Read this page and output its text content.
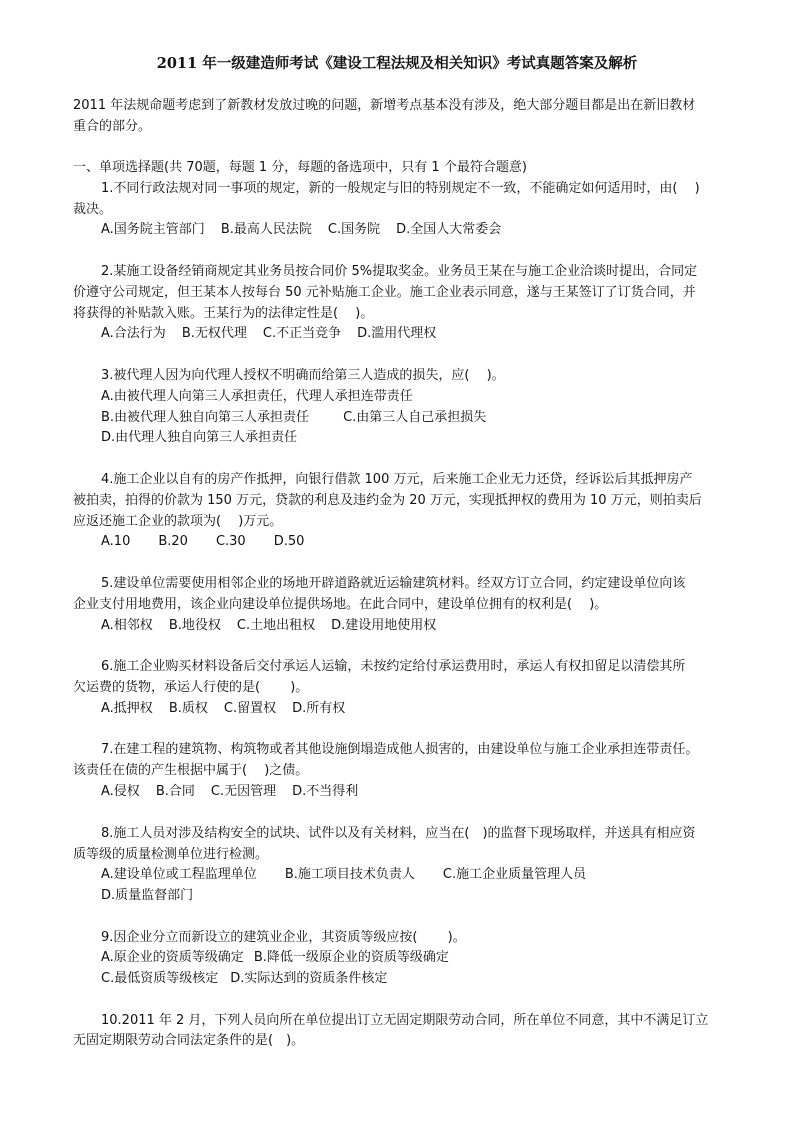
2011 年一级建造师考试《建设工程法规及相关知识》考试真题答案及解析
2011 年法规命题考虑到了新教材发放过晚的问题，新增考点基本没有涉及，绝大部分题目都是出在新旧教材
重合的部分。
一、单项选择题(共 70题，每题 1 分，每题的备选项中，只有 1 个最符合题意)
1.不同行政法规对同一事项的规定，新的一般规定与旧的特别规定不一致，不能确定如何适用时，由(　 )
裁决。
A.国务院主管部门 B.最高人民法院 C.国务院 D.全国人大常委会
2.某施工设备经销商规定其业务员按合同价 5%提取奖金。业务员王某在与施工企业洽谈时提出，合同定
价遵守公司规定，但王某本人按每台 50 元补贴施工企业。施工企业表示同意，遂与王某签订了订货合同，并
将获得的补贴款入账。王某行为的法律定性是(　 )。
A.合法行为 B.无权代理 C.不正当竞争 D.滥用代理权
3.被代理人因为向代理人授权不明确而给第三人造成的损失，应(　 )。
A.由被代理人向第三人承担责任，代理人承担连带责任
B.由被代理人独自向第三人承担责任	C.由第三人自己承担损失
D.由代理人独自向第三人承担责任
4.施工企业以自有的房产作抵押，向银行借款 100 万元，后来施工企业无力还贷，经诉讼后其抵押房产
被拍卖，拍得的价款为 150 万元，贷款的利息及违约金为 20 万元，实现抵押权的费用为 10 万元，则拍卖后
应返还施工企业的款项为(　 )万元。
A.10 B.20 C.30 D.50
5.建设单位需要使用相邻企业的场地开辟道路就近运输建筑材料。经双方订立合同，约定建设单位向该
企业支付用地费用，该企业向建设单位提供场地。在此合同中，建设单位拥有的权利是(　 )。
A.相邻权 B.地役权 C.土地出租权 D.建设用地使用权
6.施工企业购买材料设备后交付承运人运输，未按约定给付承运费用时，承运人有权扣留足以清偿其所
欠运费的货物，承运人行使的是(　　 )。
A.抵押权 B.质权 C.留置权 D.所有权
7.在建工程的建筑物、构筑物或者其他设施倒塌造成他人损害的，由建设单位与施工企业承担连带责任。
该责任在债的产生根据中属于(　 )之债。
A.侵权 B.合同 C.无因管理 D.不当得利
8.施工人员对涉及结构安全的试块、试件以及有关材料，应当在(　)的监督下现场取样，并送具有相应资
质等级的质量检测单位进行检测。
A.建设单位或工程监理单位 B.施工项目技术负责人 C.施工企业质量管理人员
D.质量监督部门
9.因企业分立而新设立的建筑业企业，其资质等级应按(　　 )。
A.原企业的资质等级确定 B.降低一级原企业的资质等级确定
C.最低资质等级核定 D.实际达到的资质条件核定
10.2011 年 2 月，下列人员向所在单位提出订立无固定期限劳动合同，所在单位不同意，其中不满足订立
无固定期限劳动合同法定条件的是(　)。
